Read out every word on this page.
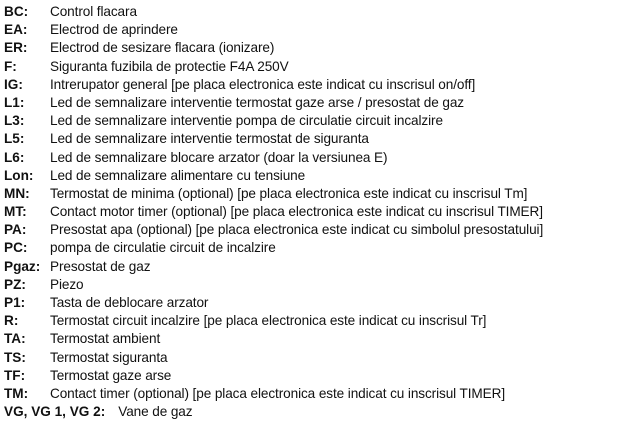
BC:	Control flacara
EA:	Electrod de aprindere
ER:	Electrod de sesizare flacara (ionizare)
F:	Siguranta fuzibila de protectie F4A 250V
IG:	Intrerupator general [pe placa electronica este indicat cu inscrisul on/off]
L1:	Led de semnalizare interventie termostat gaze arse / presostat de gaz
L3:	Led de semnalizare interventie pompa de circulatie circuit incalzire
L5:	Led de semnalizare interventie termostat de siguranta
L6:	Led de semnalizare blocare arzator (doar la versiunea E)
Lon:	Led de semnalizare alimentare cu tensiune
MN:	Termostat de minima (optional) [pe placa electronica este indicat cu inscrisul Tm]
MT:	Contact motor timer (optional) [pe placa electronica este indicat cu inscrisul TIMER]
PA:	Presostat apa (optional) [pe placa electronica este indicat cu simbolul presostatului]
PC:	pompa de circulatie circuit de incalzire
Pgaz: Presostat de gaz
PZ:	Piezo
P1:	Tasta de deblocare arzator
R:	Termostat circuit incalzire [pe placa electronica este indicat cu inscrisul Tr]
TA:	Termostat ambient
TS:	Termostat siguranta
TF:	Termostat gaze arse
TM:	Contact timer (optional) [pe placa electronica este indicat cu inscrisul TIMER]
VG, VG 1, VG 2: Vane de gaz
